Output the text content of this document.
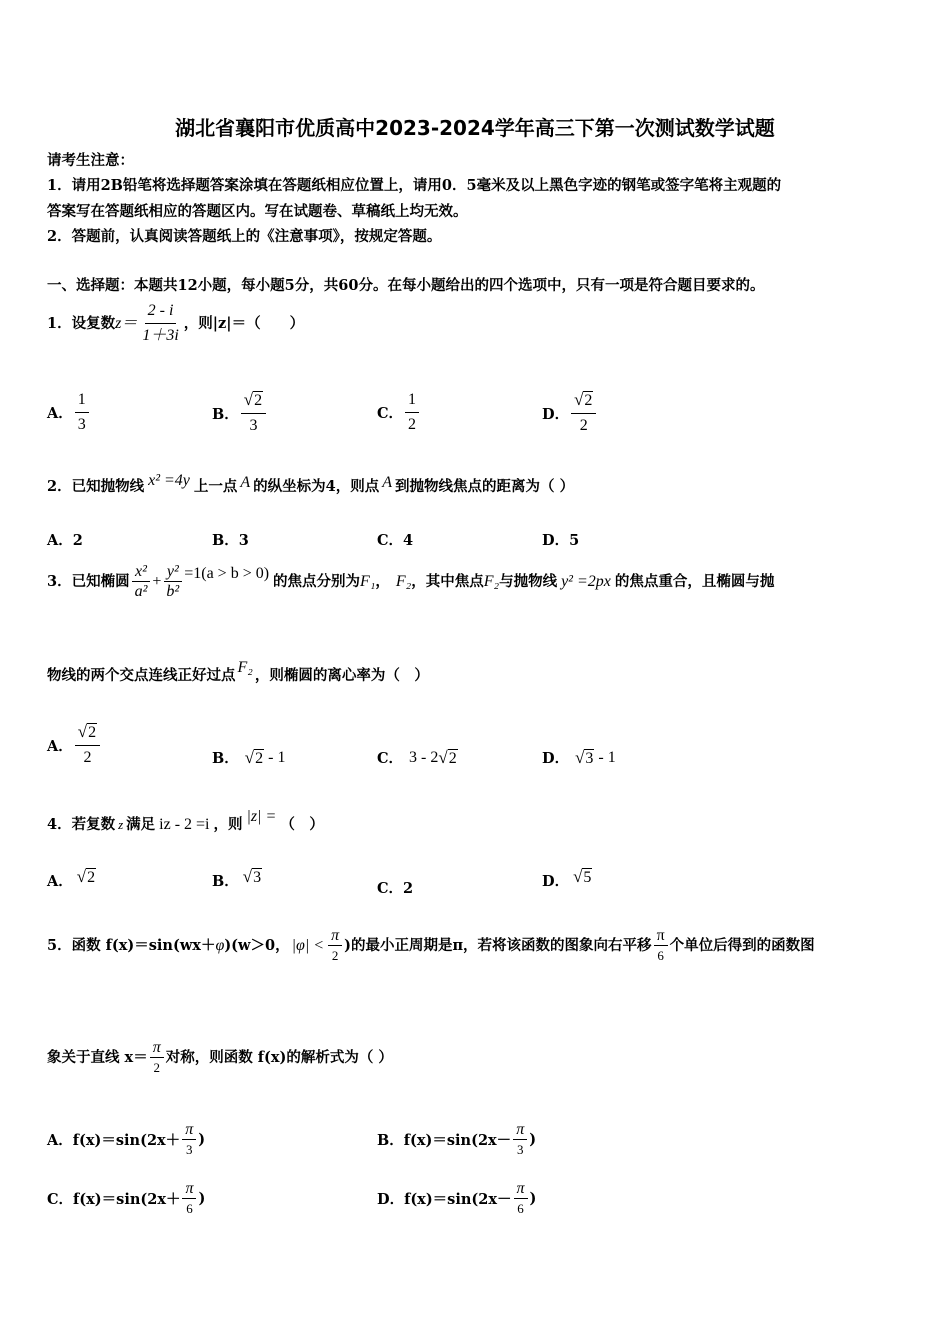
湖北省襄阳市优质高中2023-2024学年高三下第一次测试数学试题
请考生注意：
1．请用2B铅笔将选择题答案涂填在答题纸相应位置上，请用0．5毫米及以上黑色字迹的钢笔或签字笔将主观题的
答案写在答题纸相应的答题区内。写在试题卷、草稿纸上均无效。
2．答题前，认真阅读答题纸上的《注意事项》，按规定答题。
一、选择题：本题共12小题，每小题5分，共60分。在每小题给出的四个选项中，只有一项是符合题目要求的。
1．设复数 $z= \frac{2 - i}{1+3i}$ ，则|z|＝（　　）
A． $\frac{1}{3}$	B． $\frac{√2}{3}$	C． $\frac{1}{2}$	D． $\frac{√2}{2}$
2．已知抛物线 x² =4y 上一点 A 的纵坐标为4，则点 A 到抛物线焦点的距离为（ ）
A．2	B．3	C．4	D．5
3．已知椭圆 $\frac{\text{x²}}{\text{a²}} + \frac{\text{y²}}{\text{b²}} =1(a > b > 0)$ 的焦点分别为 F₁ ， F₂ ，其中焦点 F₂ 与抛物线 y² =2px 的焦点重合，且椭圆与抛
物线的两个交点连线正好过点 F₂ ，则椭圆的离心率为（　）
A． $\frac{√2}{2}$	B． √2 - 1	C． 3 - 2 √2	D． √3 - 1
4．若复数 z 满足 iz - 2 =i ，则 |z| = （　）
A． √2	B． √3
C．2	D． √5
5．函数 f(x)＝sin(wx＋ φ )(w＞0， $|\varphi| < \frac{\pi}{2}$ )的最小正周期是π，若将该函数的图象向右平移 $\frac{\pi}{6}$ 个单位后得到的函数图
象关于直线 $x= \frac{\pi}{2}$ 对称，则函数 f(x)的解析式为（ ）
A． $f(x)=\sin(2x+ \frac{\pi}{3}$ )	B． $f(x)=\sin(2x- \frac{\pi}{3}$ )
C． $f(x)=\sin(2x+ \frac{\pi}{6}$ )	D． $f(x)=\sin(2x- \frac{\pi}{6}$ )
